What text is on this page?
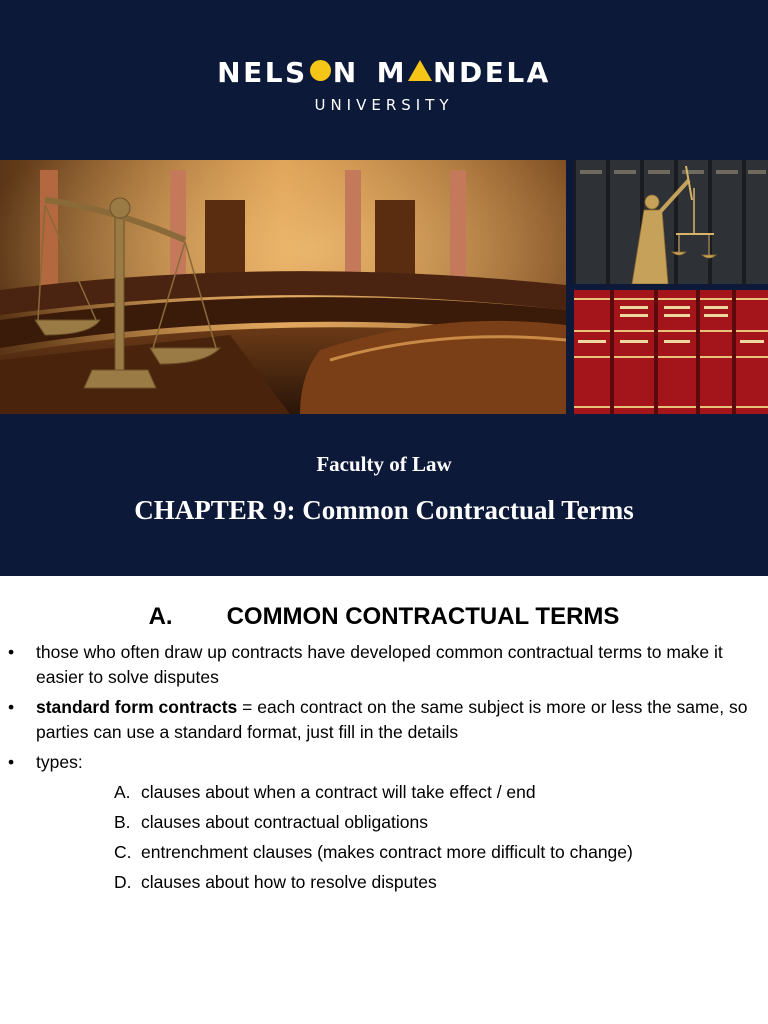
NELS N M NDELA
UNIVERSITY
Faculty of Law
CHAPTER 9: Common Contractual Terms
A. COMMON CONTRACTUAL TERMS
• those who often draw up contracts have developed common contractual terms to make it easier to solve disputes
• standard form contracts = each contract on the same subject is more or less the same, so parties can use a standard format, just fill in the details
• types:
A. clauses about when a contract will take effect / end
B. clauses about contractual obligations
C. entrenchment clauses (makes contract more difficult to change)
D. clauses about how to resolve disputes
